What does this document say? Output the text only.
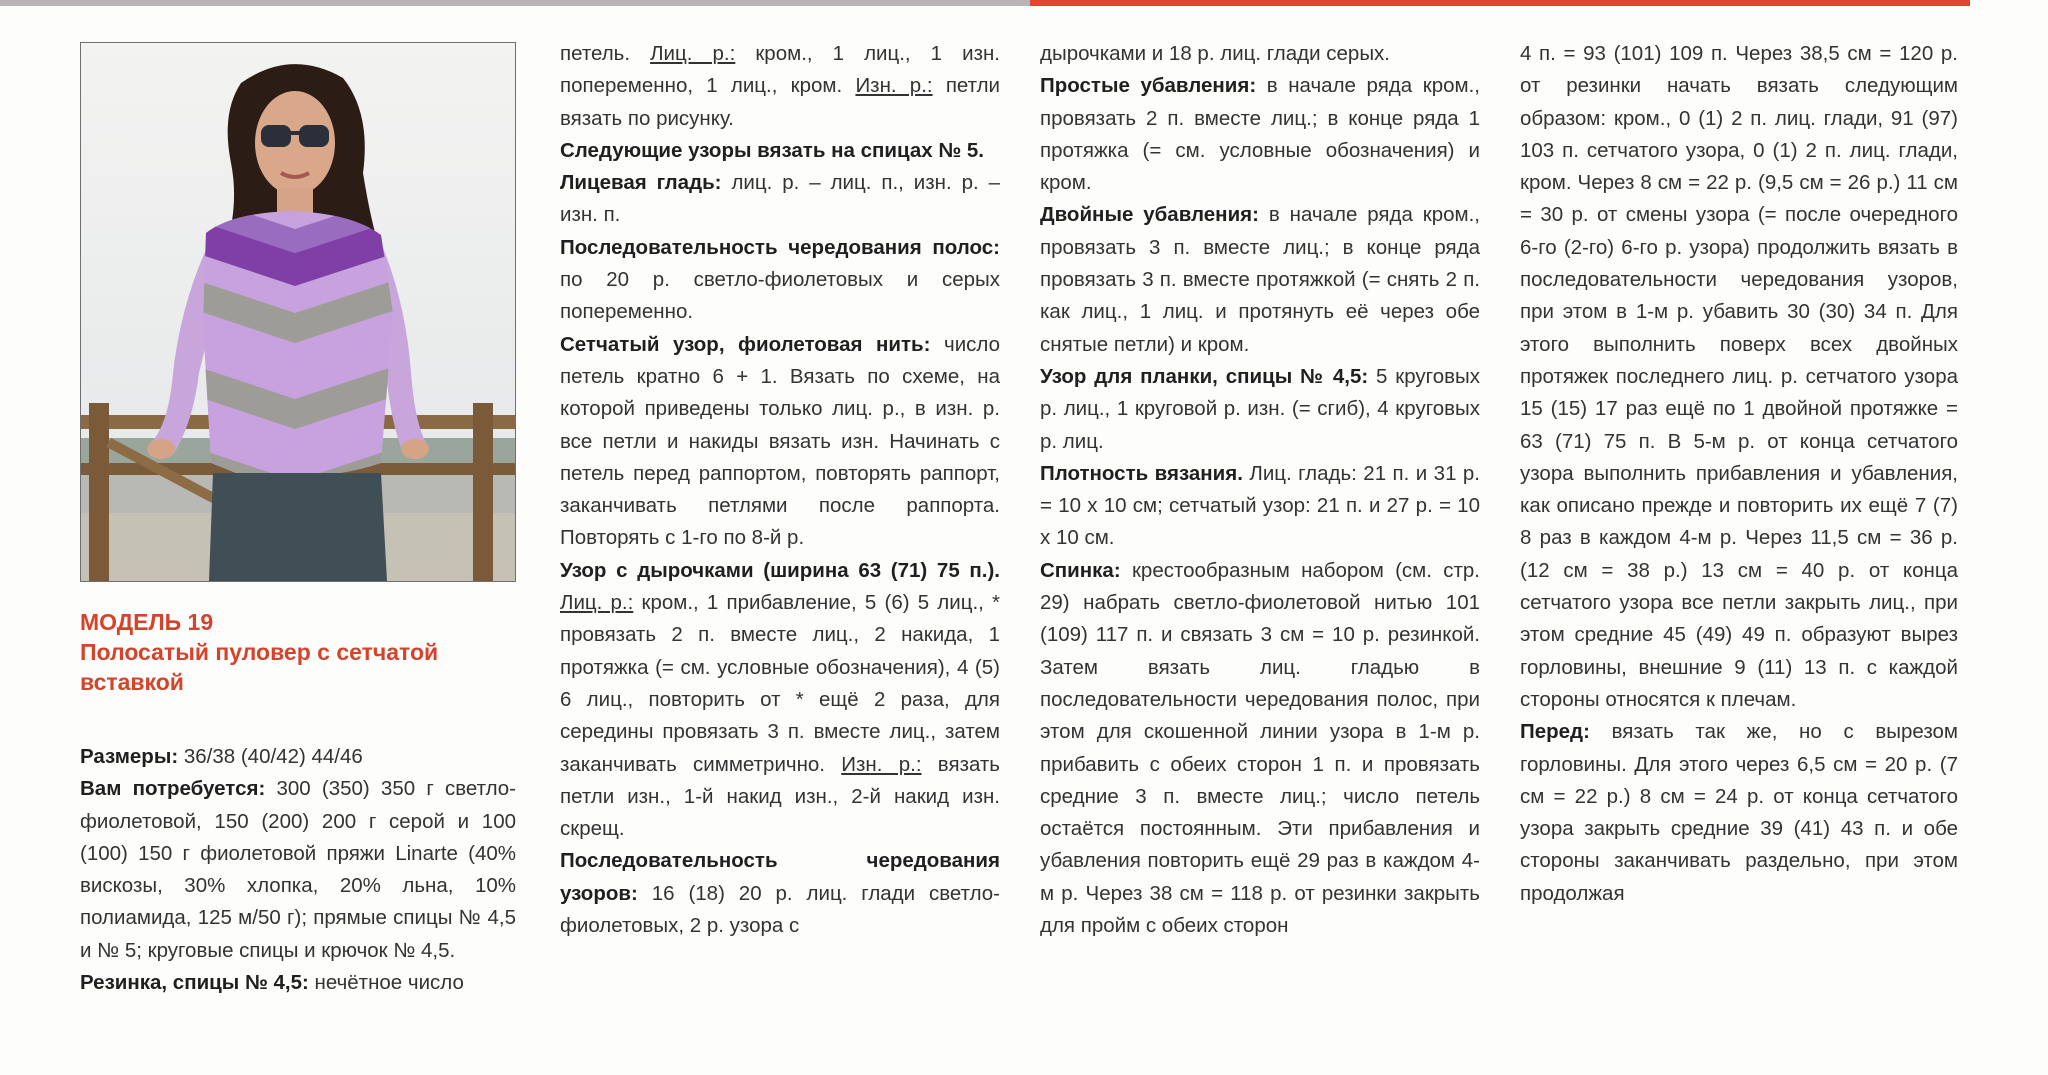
МОДЕЛЬ 19
Полосатый пуловер с сетчатой
вставкой

Размеры: 36/38 (40/42) 44/46

Вам потребуется: 300 (350) 350 г светло-фиолетовой, 150 (200) 200 г серой и 100 (100) 150 г фиолетовой пряжи Linarte (40% вискозы, 30% хлопка, 20% льна, 10% полиамида, 125 м/50 г); прямые спицы № 4,5 и № 5; круговые спицы и крючок № 4,5.

Резинка, спицы № 4,5: нечётное число

петель. Лиц. р.: кром., 1 лиц., 1 изн. попеременно, 1 лиц., кром. Изн. р.: петли вязать по рисунку.

Следующие узоры вязать на спицах № 5.

Лицевая гладь: лиц. р. – лиц. п., изн. р. – изн. п.

Последовательность чередования полос: по 20 р. светло-фиолетовых и серых попеременно.

Сетчатый узор, фиолетовая нить: число петель кратно 6 + 1. Вязать по схеме, на которой приведены только лиц. р., в изн. р. все петли и накиды вязать изн. Начинать с петель перед раппортом, повторять раппорт, заканчивать петлями после раппорта. Повторять с 1-го по 8-й р.

Узор с дырочками (ширина 63 (71) 75 п.). Лиц. р.: кром., 1 прибавление, 5 (6) 5 лиц., * провязать 2 п. вместе лиц., 2 накида, 1 протяжка (= см. условные обозначения), 4 (5) 6 лиц., повторить от * ещё 2 раза, для середины провязать 3 п. вместе лиц., затем заканчивать симметрично. Изн. р.: вязать петли изн., 1-й накид изн., 2-й накид изн. скрещ.

Последовательность чередования узоров: 16 (18) 20 р. лиц. глади светло-фиолетовых, 2 р. узора с

дырочками и 18 р. лиц. глади серых.

Простые убавления: в начале ряда кром., провязать 2 п. вместе лиц.; в конце ряда 1 протяжка (= см. условные обозначения) и кром.

Двойные убавления: в начале ряда кром., провязать 3 п. вместе лиц.; в конце ряда провязать 3 п. вместе протяжкой (= снять 2 п. как лиц., 1 лиц. и протянуть её через обе снятые петли) и кром.

Узор для планки, спицы № 4,5: 5 круговых р. лиц., 1 круговой р. изн. (= сгиб), 4 круговых р. лиц.

Плотность вязания. Лиц. гладь: 21 п. и 31 р. = 10 х 10 см; сетчатый узор: 21 п. и 27 р. = 10 х 10 см.

Спинка: крестообразным набором (см. стр. 29) набрать светло-фиолетовой нитью 101 (109) 117 п. и связать 3 см = 10 р. резинкой. Затем вязать лиц. гладью в последовательности чередования полос, при этом для скошенной линии узора в 1-м р. прибавить с обеих сторон 1 п. и провязать средние 3 п. вместе лиц.; число петель остаётся постоянным. Эти прибавления и убавления повторить ещё 29 раз в каждом 4-м р. Через 38 см = 118 р. от резинки закрыть для пройм с обеих сторон

4 п. = 93 (101) 109 п. Через 38,5 см = 120 р. от резинки начать вязать следующим образом: кром., 0 (1) 2 п. лиц. глади, 91 (97) 103 п. сетчатого узора, 0 (1) 2 п. лиц. глади, кром. Через 8 см = 22 р. (9,5 см = 26 р.) 11 см = 30 р. от смены узора (= после очередного 6-го (2-го) 6-го р. узора) продолжить вязать в последовательности чередования узоров, при этом в 1-м р. убавить 30 (30) 34 п. Для этого выполнить поверх всех двойных протяжек последнего лиц. р. сетчатого узора 15 (15) 17 раз ещё по 1 двойной протяжке = 63 (71) 75 п. В 5-м р. от конца сетчатого узора выполнить прибавления и убавления, как описано прежде и повторить их ещё 7 (7) 8 раз в каждом 4-м р. Через 11,5 см = 36 р. (12 см = 38 р.) 13 см = 40 р. от конца сетчатого узора все петли закрыть лиц., при этом средние 45 (49) 49 п. образуют вырез горловины, внешние 9 (11) 13 п. с каждой стороны относятся к плечам.

Перед: вязать так же, но с вырезом горловины. Для этого через 6,5 см = 20 р. (7 см = 22 р.) 8 см = 24 р. от конца сетчатого узора закрыть средние 39 (41) 43 п. и обе стороны заканчивать раздельно, при этом продолжая
